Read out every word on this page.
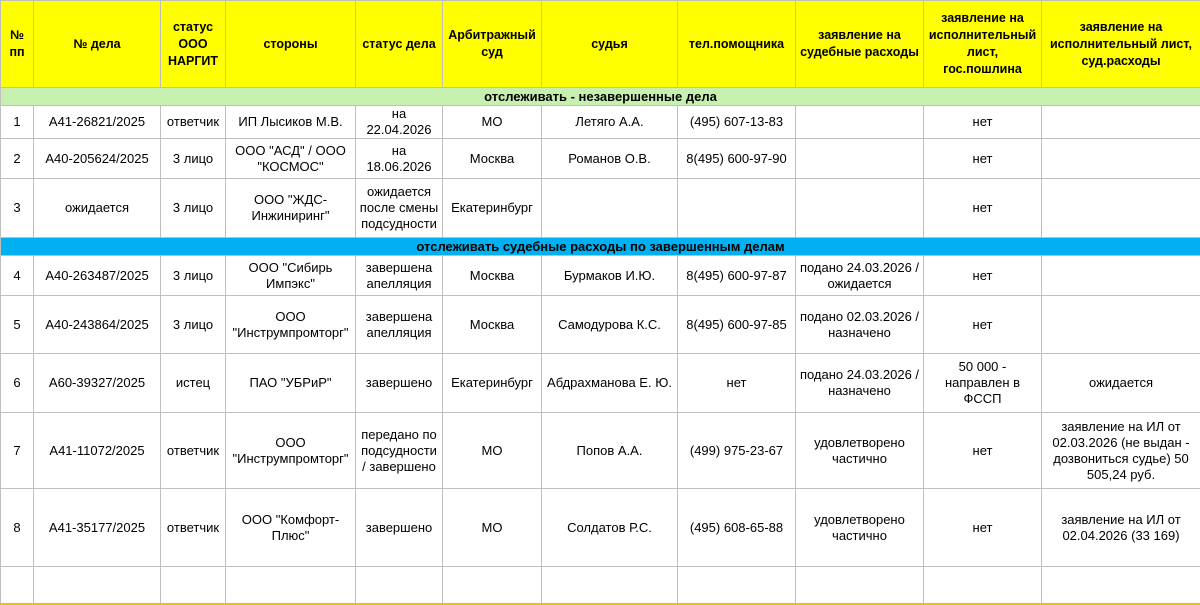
№ пп	№ дела	статус ООО НАРГИТ	стороны	статус дела	Арбитражный суд	судья	тел.помощника	заявление на судебные расходы	заявление на исполнительный лист, гос.пошлина	заявление на исполнительный лист, суд.расходы
отслеживать - незавершенные дела										
1	А41-26821/2025	ответчик	ИП Лысиков М.В.	на 22.04.2026	МО	Летяго А.А.	(495) 607-13-83		нет	
2	А40-205624/2025	3 лицо	ООО "АСД" / ООО "КОСМОС"	на 18.06.2026	Москва	Романов О.В.	8(495) 600-97-90		нет	
3	ожидается	3 лицо	ООО "ЖДС-Инжиниринг"	ожидается после смены подсудности	Екатеринбург				нет	
отслеживать судебные расходы по завершенным делам										
4	А40-263487/2025	3 лицо	ООО "Сибирь Импэкс"	завершена апелляция	Москва	Бурмаков И.Ю.	8(495) 600-97-87	подано 24.03.2026 / ожидается	нет	
5	А40-243864/2025	3 лицо	ООО "Инструмпромторг"	завершена апелляция	Москва	Самодурова К.С.	8(495) 600-97-85	подано 02.03.2026 / назначено	нет	
6	А60-39327/2025	истец	ПАО "УБРиР"	завершено	Екатеринбург	Абдрахманова Е. Ю.	нет	подано 24.03.2026 / назначено	50 000 - направлен в ФССП	ожидается
7	А41-11072/2025	ответчик	ООО "Инструмпромторг"	передано по подсудности / завершено	МО	Попов А.А.	(499) 975-23-67	удовлетворено частично	нет	заявление на ИЛ от 02.03.2026 (не выдан - дозвониться судье) 50 505,24 руб.
8	А41-35177/2025	ответчик	ООО "Комфорт-Плюс"	завершено	МО	Солдатов Р.С.	(495) 608-65-88	удовлетворено частично	нет	заявление на ИЛ от 02.04.2026 (33 169)
